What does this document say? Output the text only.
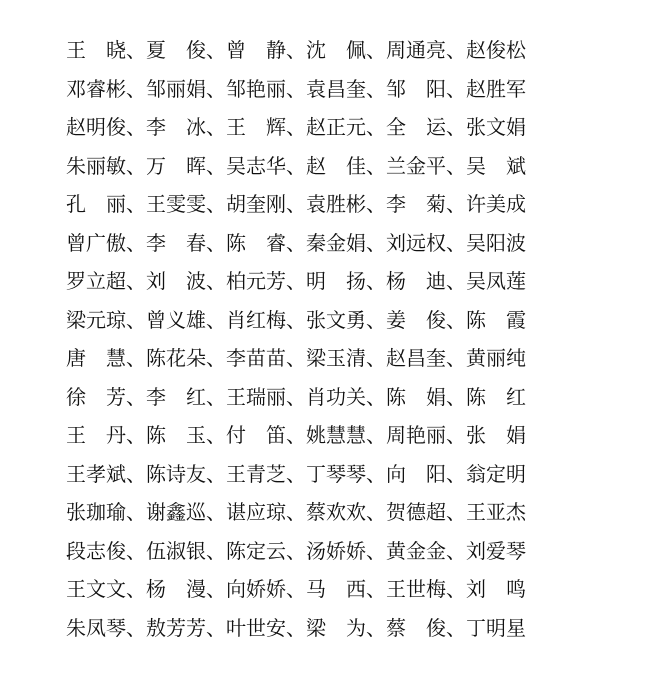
王　晓、夏　俊、曾　静、沈　佩、周通亮、赵俊松
邓睿彬、邹丽娟、邹艳丽、袁昌奎、邹　阳、赵胜军
赵明俊、李　冰、王　辉、赵正元、全　运、张文娟
朱丽敏、万　晖、吴志华、赵　佳、兰金平、吴　斌
孔　丽、王雯雯、胡奎刚、袁胜彬、李　菊、许美成
曾广傲、李　春、陈　睿、秦金娟、刘远权、吴阳波
罗立超、刘　波、柏元芳、明　扬、杨　迪、吴凤莲
梁元琼、曾义雄、肖红梅、张文勇、姜　俊、陈　霞
唐　慧、陈花朵、李苗苗、梁玉清、赵昌奎、黄丽纯
徐　芳、李　红、王瑞丽、肖功关、陈　娟、陈　红
王　丹、陈　玉、付　笛、姚慧慧、周艳丽、张　娟
王孝斌、陈诗友、王青芝、丁琴琴、向　阳、翁定明
张珈瑜、谢鑫巡、谌应琼、蔡欢欢、贺德超、王亚杰
段志俊、伍淑银、陈定云、汤娇娇、黄金金、刘爱琴
王文文、杨　漫、向娇娇、马　西、王世梅、刘　鸣
朱凤琴、敖芳芳、叶世安、梁　为、蔡　俊、丁明星
